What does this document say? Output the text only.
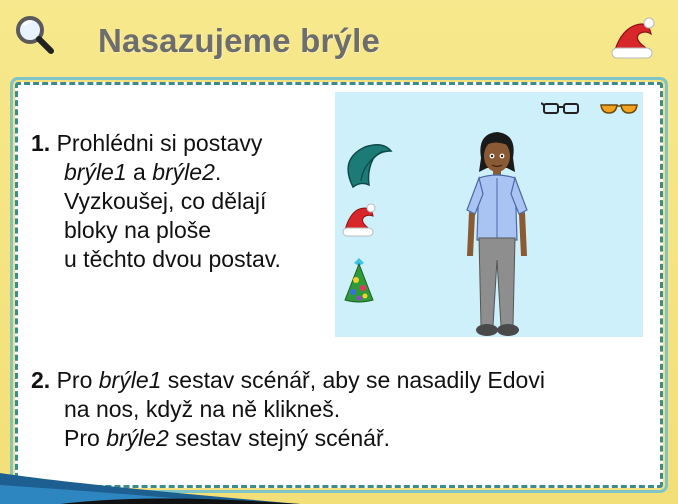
Nasazujeme brýle
1. Prohlédni si postavy
brýle1 a brýle2.
Vyzkoušej, co dělají
bloky na ploše
u těchto dvou postav.
2. Pro brýle1 sestav scénář, aby se nasadily Edovi
na nos, když na ně klikneš.
Pro brýle2 sestav stejný scénář.
